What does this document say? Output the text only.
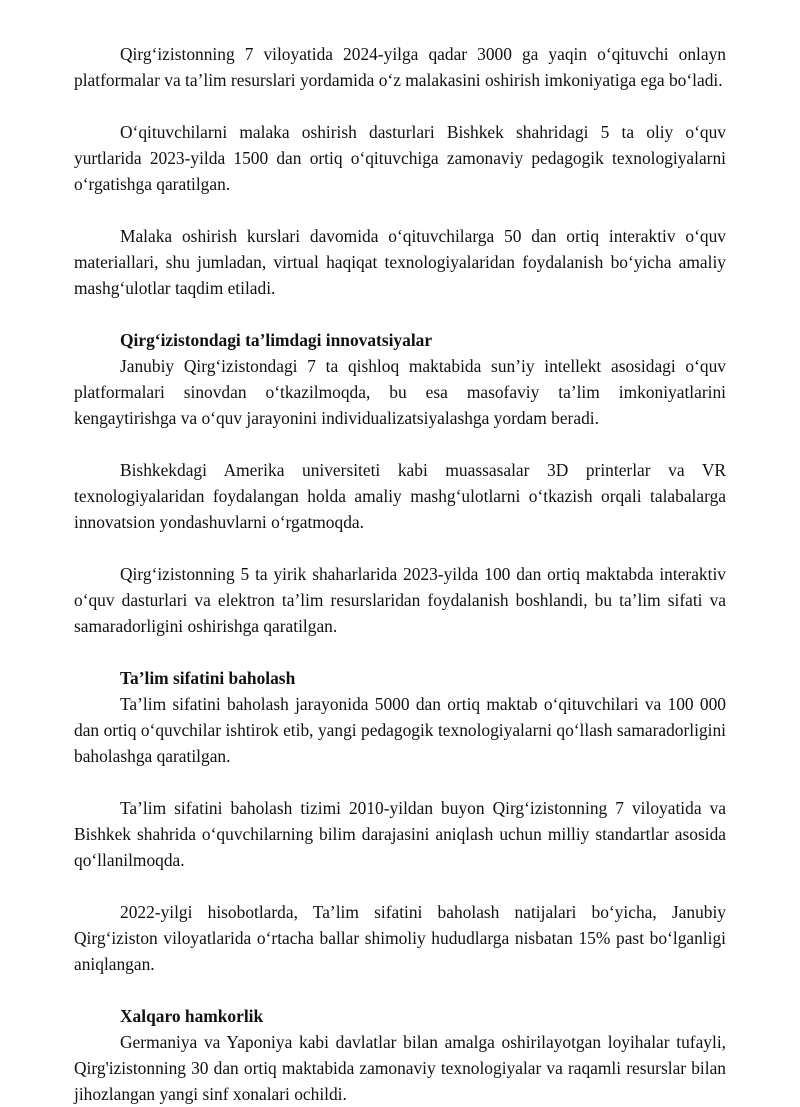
Qirg‘izistonning 7 viloyatida 2024-yilga qadar 3000 ga yaqin o‘qituvchi onlayn platformalar va ta’lim resurslari yordamida o‘z malakasini oshirish imkoniyatiga ega bo‘ladi.

O‘qituvchilarni malaka oshirish dasturlari Bishkek shahridagi 5 ta oliy o‘quv yurtlarida 2023-yilda 1500 dan ortiq o‘qituvchiga zamonaviy pedagogik texnologiyalarni o‘rgatishga qaratilgan.

Malaka oshirish kurslari davomida o‘qituvchilarga 50 dan ortiq interaktiv o‘quv materiallari, shu jumladan, virtual haqiqat texnologiyalaridan foydalanish bo‘yicha amaliy mashg‘ulotlar taqdim etiladi.

Qirg‘izistondagi ta’limdagi innovatsiyalar

Janubiy Qirg‘izistondagi 7 ta qishloq maktabida sun’iy intellekt asosidagi o‘quv platformalari sinovdan o‘tkazilmoqda, bu esa masofaviy ta’lim imkoniyatlarini kengaytirishga va o‘quv jarayonini individualizatsiyalashga yordam beradi.

Bishkekdagi Amerika universiteti kabi muassasalar 3D printerlar va VR texnologiyalaridan foydalangan holda amaliy mashg‘ulotlarni o‘tkazish orqali talabalarga innovatsion yondashuvlarni o‘rgatmoqda.

Qirg‘izistonning 5 ta yirik shaharlarida 2023-yilda 100 dan ortiq maktabda interaktiv o‘quv dasturlari va elektron ta’lim resurslaridan foydalanish boshlandi, bu ta’lim sifati va samaradorligini oshirishga qaratilgan.

Ta’lim sifatini baholash

Ta’lim sifatini baholash jarayonida 5000 dan ortiq maktab o‘qituvchilari va 100 000 dan ortiq o‘quvchilar ishtirok etib, yangi pedagogik texnologiyalarni qo‘llash samaradorligini baholashga qaratilgan.

Ta’lim sifatini baholash tizimi 2010-yildan buyon Qirg‘izistonning 7 viloyatida va Bishkek shahrida o‘quvchilarning bilim darajasini aniqlash uchun milliy standartlar asosida qo‘llanilmoqda.

2022-yilgi hisobotlarda, Ta’lim sifatini baholash natijalari bo‘yicha, Janubiy Qirg‘iziston viloyatlarida o‘rtacha ballar shimoliy hududlarga nisbatan 15% past bo‘lganligi aniqlangan.

Xalqaro hamkorlik

Germaniya va Yaponiya kabi davlatlar bilan amalga oshirilayotgan loyihalar tufayli, Qirg'izistonning 30 dan ortiq maktabida zamonaviy texnologiyalar va raqamli resurslar bilan jihozlangan yangi sinf xonalari ochildi.
